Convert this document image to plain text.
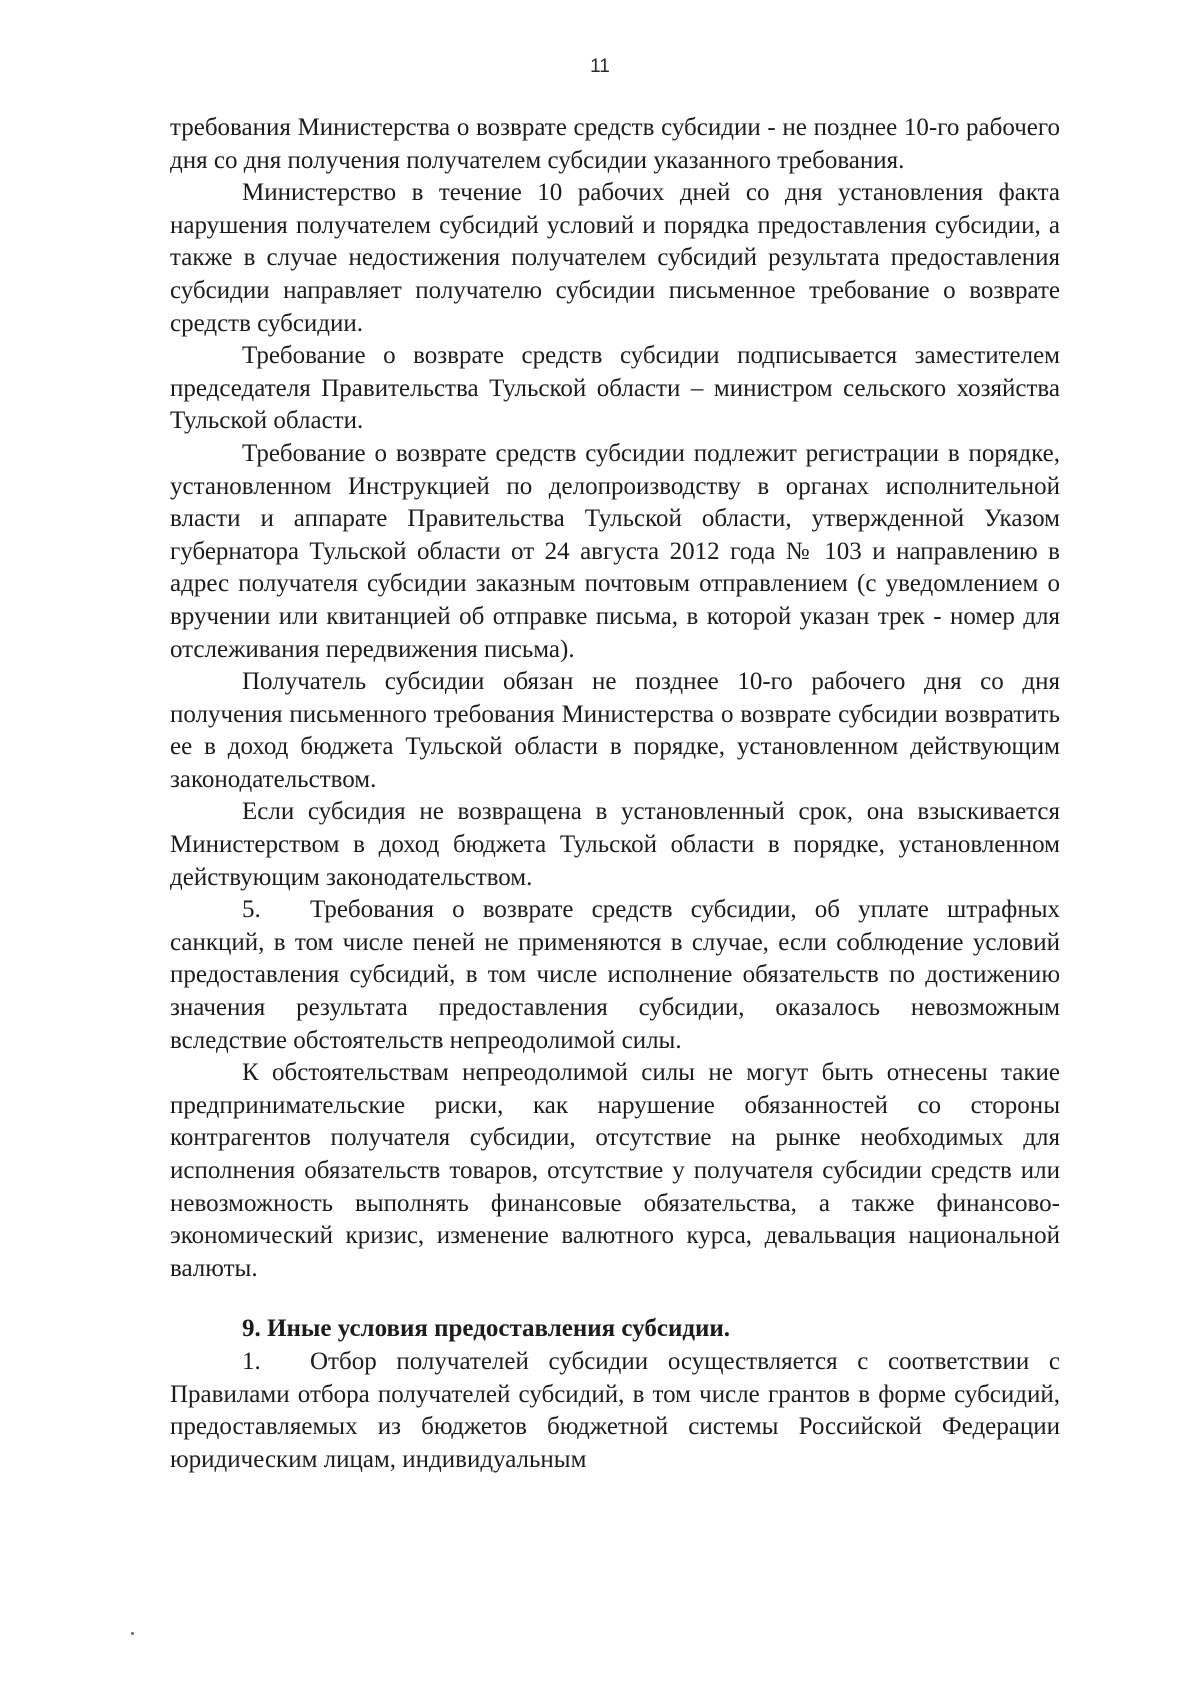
11

требования Министерства о возврате средств субсидии - не позднее 10-го рабочего дня со дня получения получателем субсидии указанного требования.

Министерство в течение 10 рабочих дней со дня установления факта нарушения получателем субсидий условий и порядка предоставления субсидии, а также в случае недостижения получателем субсидий результата предоставления субсидии направляет получателю субсидии письменное требование о возврате средств субсидии.

Требование о возврате средств субсидии подписывается заместителем председателя Правительства Тульской области – министром сельского хозяйства Тульской области.

Требование о возврате средств субсидии подлежит регистрации в порядке, установленном Инструкцией по делопроизводству в органах исполнительной власти и аппарате Правительства Тульской области, утвержденной Указом губернатора Тульской области от 24 августа 2012 года № 103 и направлению в адрес получателя субсидии заказным почтовым отправлением (с уведомлением о вручении или квитанцией об отправке письма, в которой указан трек - номер для отслеживания передвижения письма).

Получатель субсидии обязан не позднее 10-го рабочего дня со дня получения письменного требования Министерства о возврате субсидии возвратить ее в доход бюджета Тульской области в порядке, установленном действующим законодательством.

Если субсидия не возвращена в установленный срок, она взыскивается Министерством в доход бюджета Тульской области в порядке, установленном действующим законодательством.

5. Требования о возврате средств субсидии, об уплате штрафных санкций, в том числе пеней не применяются в случае, если соблюдение условий предоставления субсидий, в том числе исполнение обязательств по достижению значения результата предоставления субсидии, оказалось невозможным вследствие обстоятельств непреодолимой силы.

К обстоятельствам непреодолимой силы не могут быть отнесены такие предпринимательские риски, как нарушение обязанностей со стороны контрагентов получателя субсидии, отсутствие на рынке необходимых для исполнения обязательств товаров, отсутствие у получателя субсидии средств или невозможность выполнять финансовые обязательства, а также финансово-экономический кризис, изменение валютного курса, девальвация национальной валюты.

9. Иные условия предоставления субсидии.

1. Отбор получателей субсидии осуществляется с соответствии с Правилами отбора получателей субсидий, в том числе грантов в форме субсидий, предоставляемых из бюджетов бюджетной системы Российской Федерации юридическим лицам, индивидуальным
